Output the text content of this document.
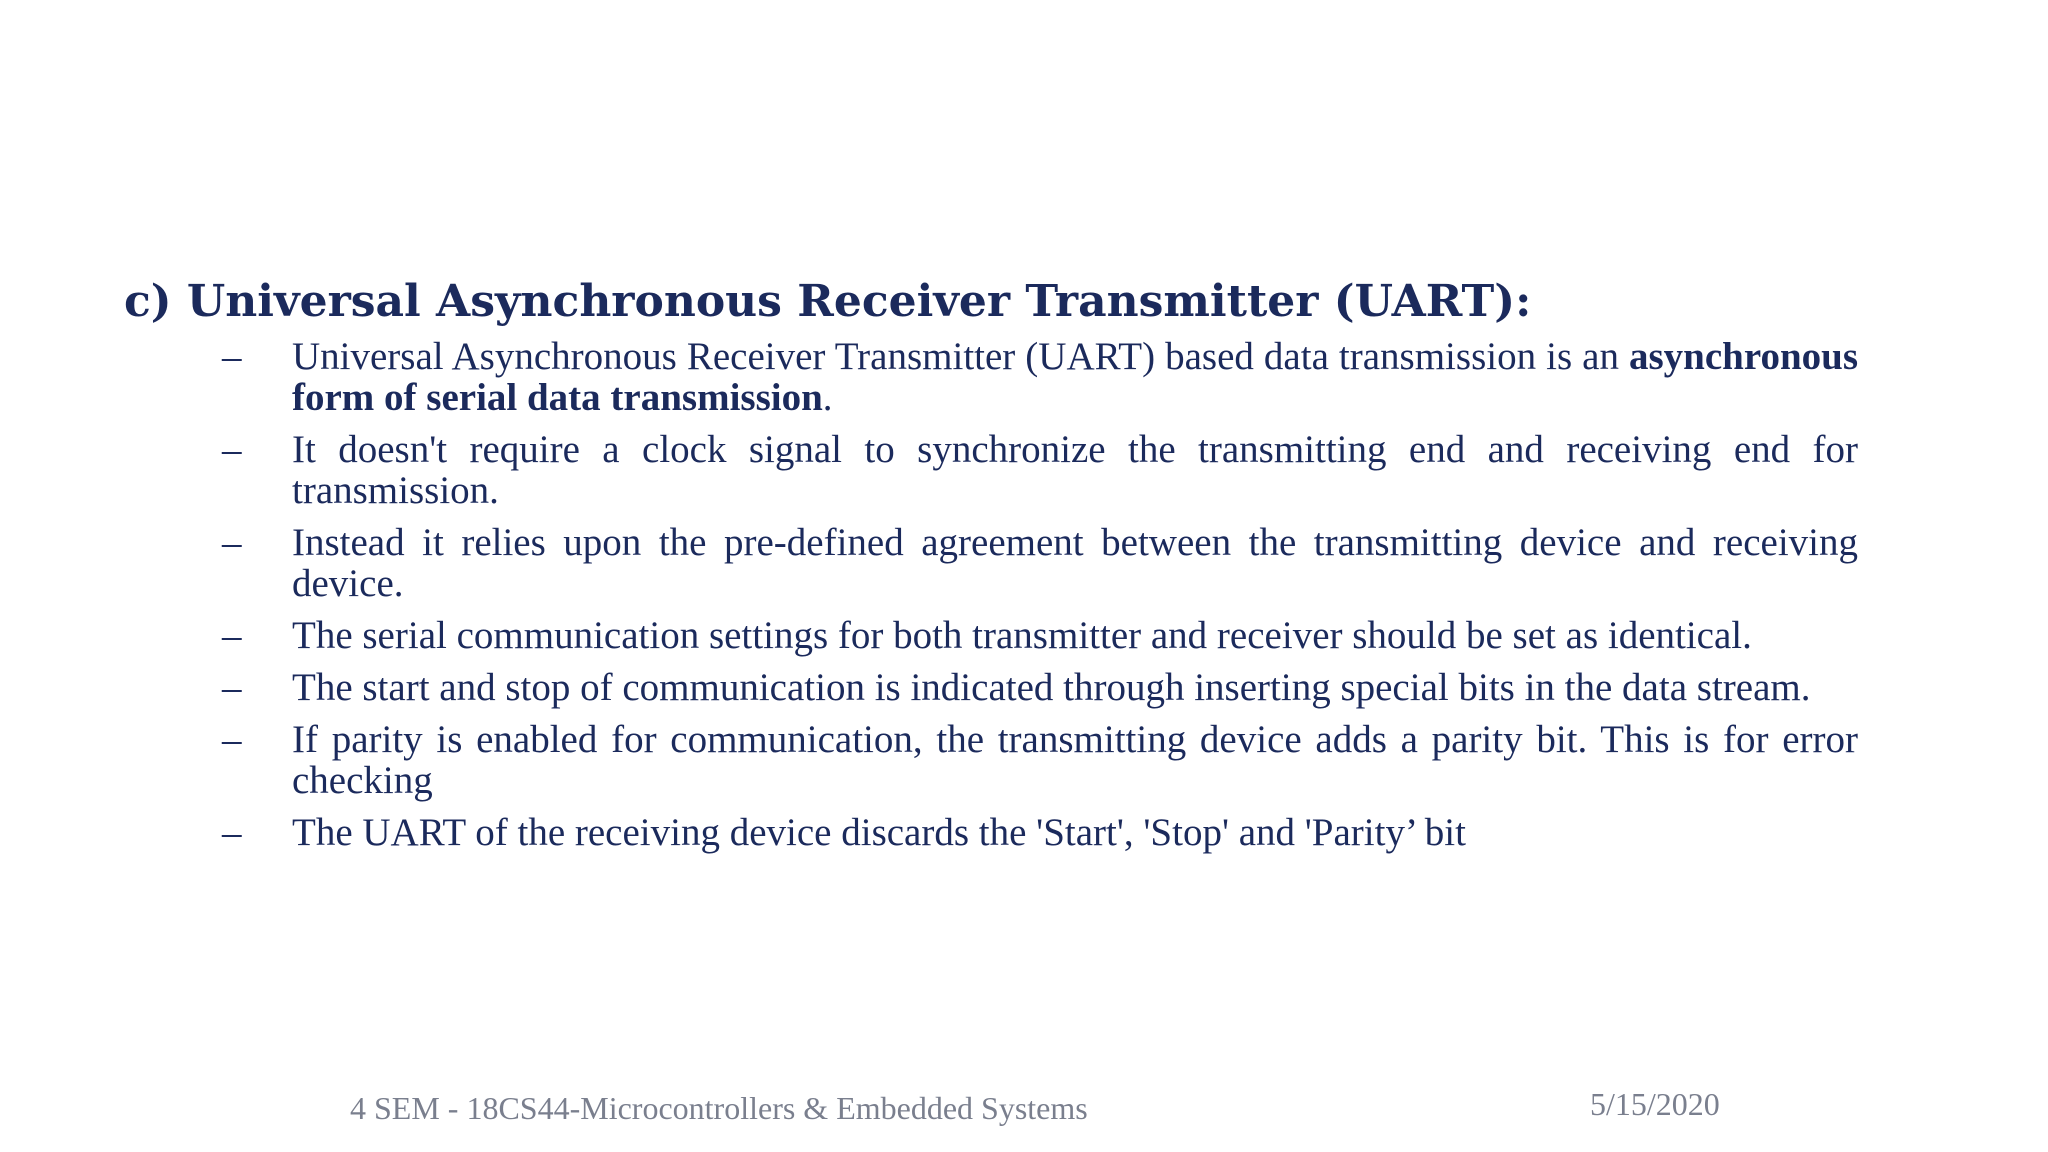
c) Universal Asynchronous Receiver Transmitter (UART):
–	Universal Asynchronous Receiver Transmitter (UART) based data transmission is an asynchronous form of serial data transmission.
–	It doesn't require a clock signal to synchronize the transmitting end and receiving end for transmission.
–	Instead it relies upon the pre-defined agreement between the transmitting device and receiving device.
–	The serial communication settings for both transmitter and receiver should be set as identical.
–	The start and stop of communication is indicated through inserting special bits in the data stream.
–	If parity is enabled for communication, the transmitting device adds a parity bit. This is for error checking
–	The UART of the receiving device discards the 'Start', 'Stop' and 'Parity’ bit
4 SEM - 18CS44-Microcontrollers & Embedded Systems	5/15/2020
